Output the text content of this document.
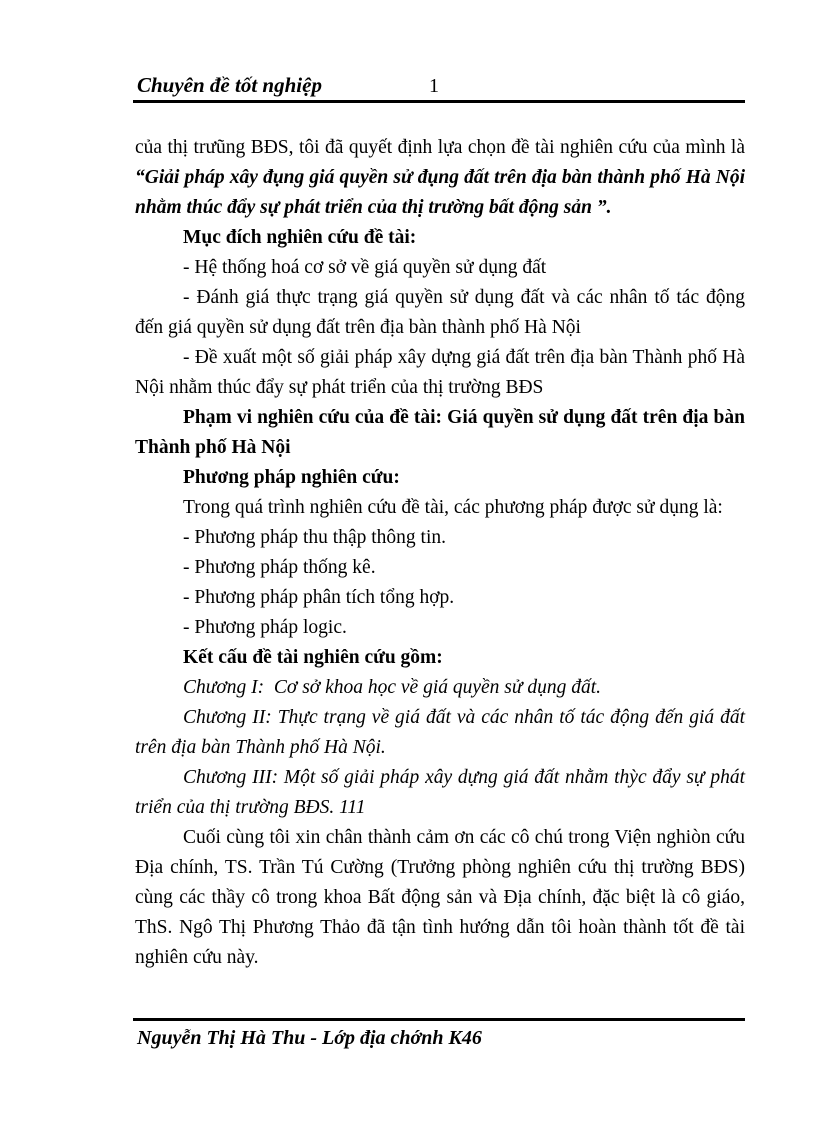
Chuyên đề tốt nghiệp	1

của thị trưũng BĐS, tôi đã quyết định lựa chọn đề tài nghiên cứu của mình là “Giải pháp xây đụng giá quyền sử đụng đất trên địa bàn thành phố Hà Nội nhằm thúc đẩy sự phát triển của thị trường bất động sản ”.

Mục đích nghiên cứu đề tài:

- Hệ thống hoá cơ sở về giá quyền sử dụng đất

- Đánh giá thực trạng giá quyền sử dụng đất và các nhân tố tác động đến giá quyền sử dụng đất trên địa bàn thành phố Hà Nội

- Đề xuất một số giải pháp xây dựng giá đất trên địa bàn Thành phố Hà Nội nhằm thúc đẩy sự phát triển của thị trường BĐS

Phạm vi nghiên cứu của đề tài: Giá quyền sử dụng đất trên địa bàn Thành phố Hà Nội

Phương pháp nghiên cứu:

Trong quá trình nghiên cứu đề tài, các phương pháp được sử dụng là:

- Phương pháp thu thập thông tin.

- Phương pháp thống kê.

- Phương pháp phân tích tổng hợp.

- Phương pháp logic.

Kết cấu đề tài nghiên cứu gồm:

Chương I:  Cơ sở khoa học về giá quyền sử dụng đất.

Chương II: Thực trạng về giá đất và các nhân tố tác động đến giá đất trên địa bàn Thành phố Hà Nội.

Chương III: Một số giải pháp xây dựng giá đất nhằm thỳc đẩy sự phát triển của thị trường BĐS. 111

Cuối cùng tôi xin chân thành cảm ơn các cô chú trong Viện nghiòn cứu Địa chính, TS. Trần Tú Cường (Trưởng phòng nghiên cứu thị trường BĐS) cùng các thầy cô trong khoa Bất động sản và Địa chính, đặc biệt là cô giáo, ThS. Ngô Thị Phương Thảo đã tận tình hướng dẫn tôi hoàn thành tốt đề tài nghiên cứu này.

Nguyễn Thị Hà Thu - Lớp địa chớnh K46
